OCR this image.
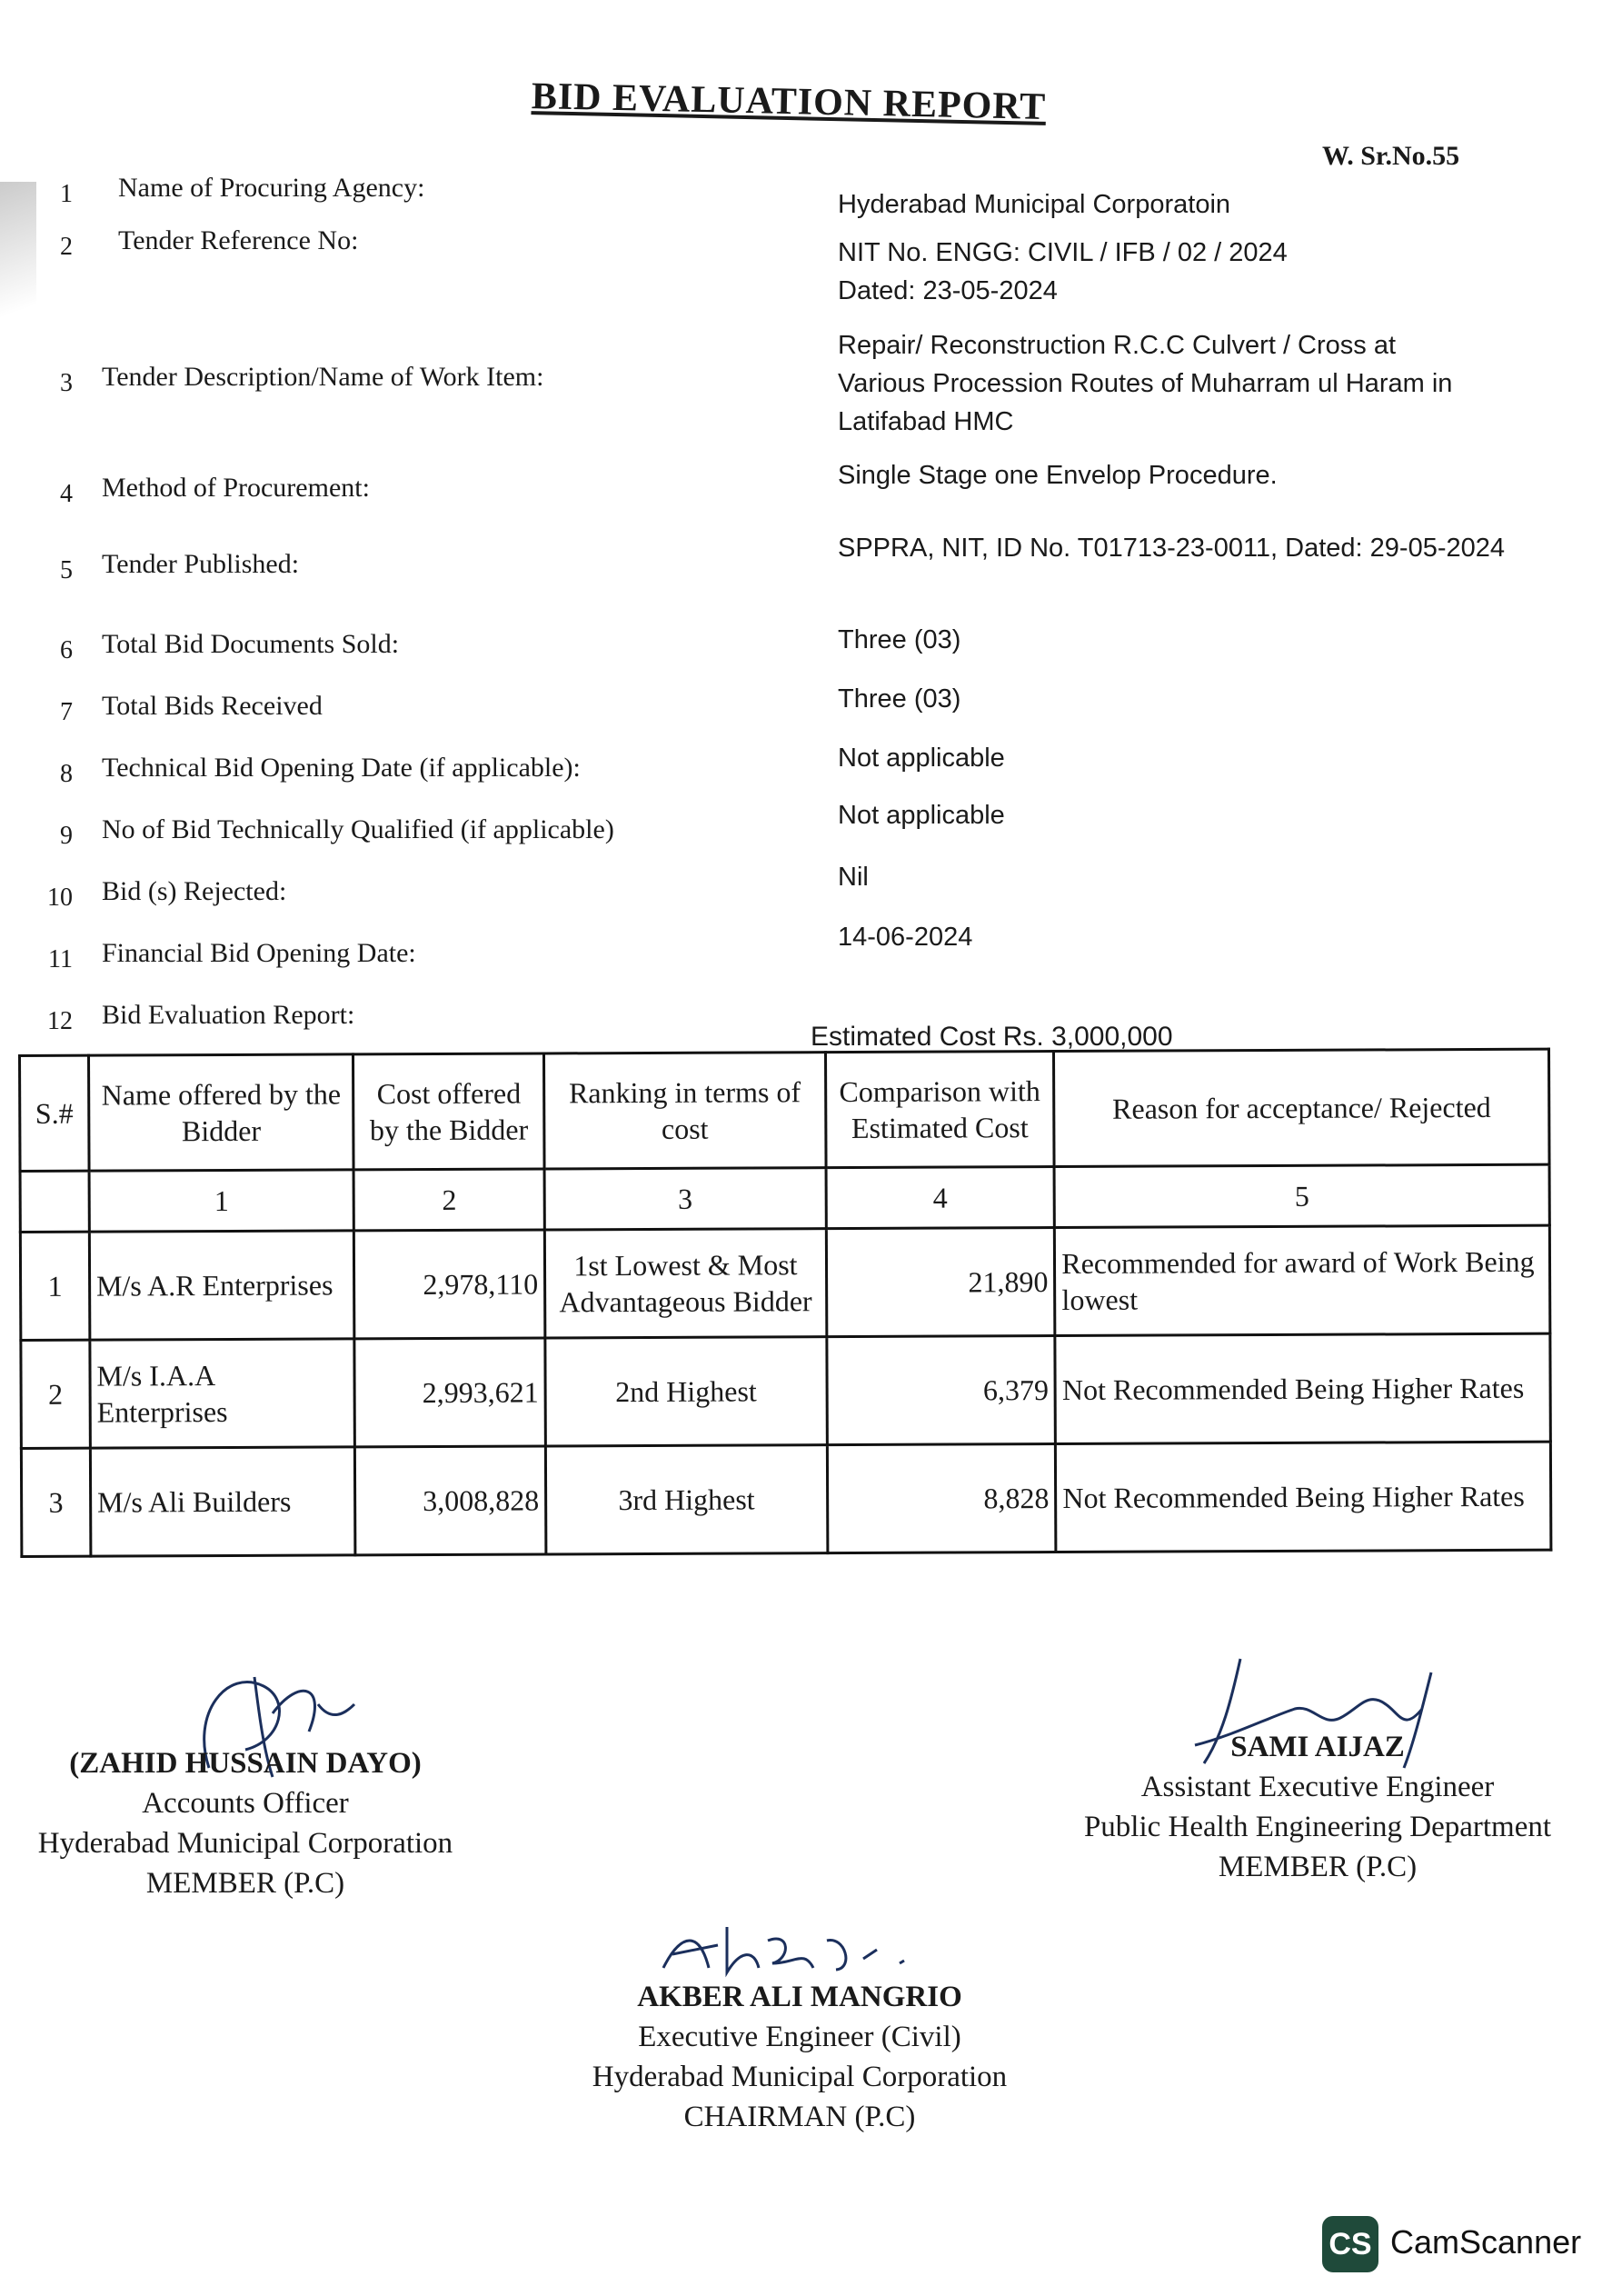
BID EVALUATION REPORT
W. Sr.No.55
1 Name of Procuring Agency:
Hyderabad Municipal Corporatoin
2 Tender Reference No:	NIT No. ENGG: CIVIL / IFB / 02 / 2024
Dated: 23-05-2024
3 Tender Description/Name of Work Item:
Repair/ Reconstruction R.C.C Culvert / Cross at
Various Procession Routes of Muharram ul Haram in
Latifabad HMC
4 Method of Procurement:	Single Stage one Envelop Procedure.
5 Tender Published:
SPPRA, NIT, ID No. T01713-23-0011, Dated: 29-05-2024
6 Total Bid Documents Sold:	Three (03)
7 Total Bids Received	Three (03)
8 Technical Bid Opening Date (if applicable):	Not applicable
9 No of Bid Technically Qualified (if applicable)	Not applicable
10 Bid (s) Rejected:	Nil
11 Financial Bid Opening Date:
14-06-2024
12 Bid Evaluation Report:
Estimated Cost Rs. 3,000,000
S.#	Name offered by the Bidder	Cost offered by the Bidder	Ranking in terms of cost	Comparison with Estimated Cost	Reason for acceptance/ Rejected
	1	2	3	4	5
1	M/s A.R Enterprises	2,978,110	1st Lowest & Most Advantageous Bidder	21,890	Recommended for award of Work Being lowest
2	M/s I.A.A Enterprises	2,993,621	2nd Highest	6,379	Not Recommended Being Higher Rates
3	M/s Ali Builders	3,008,828	3rd Highest	8,828	Not Recommended Being Higher Rates
(ZAHID HUSSAIN DAYO)
Accounts Officer
Hyderabad Municipal Corporation
MEMBER (P.C)
SAMI AIJAZ
Assistant Executive Engineer
Public Health Engineering Department
MEMBER (P.C)
AKBER ALI MANGRIO
Executive Engineer (Civil)
Hyderabad Municipal Corporation
CHAIRMAN (P.C)
CS CamScanner
